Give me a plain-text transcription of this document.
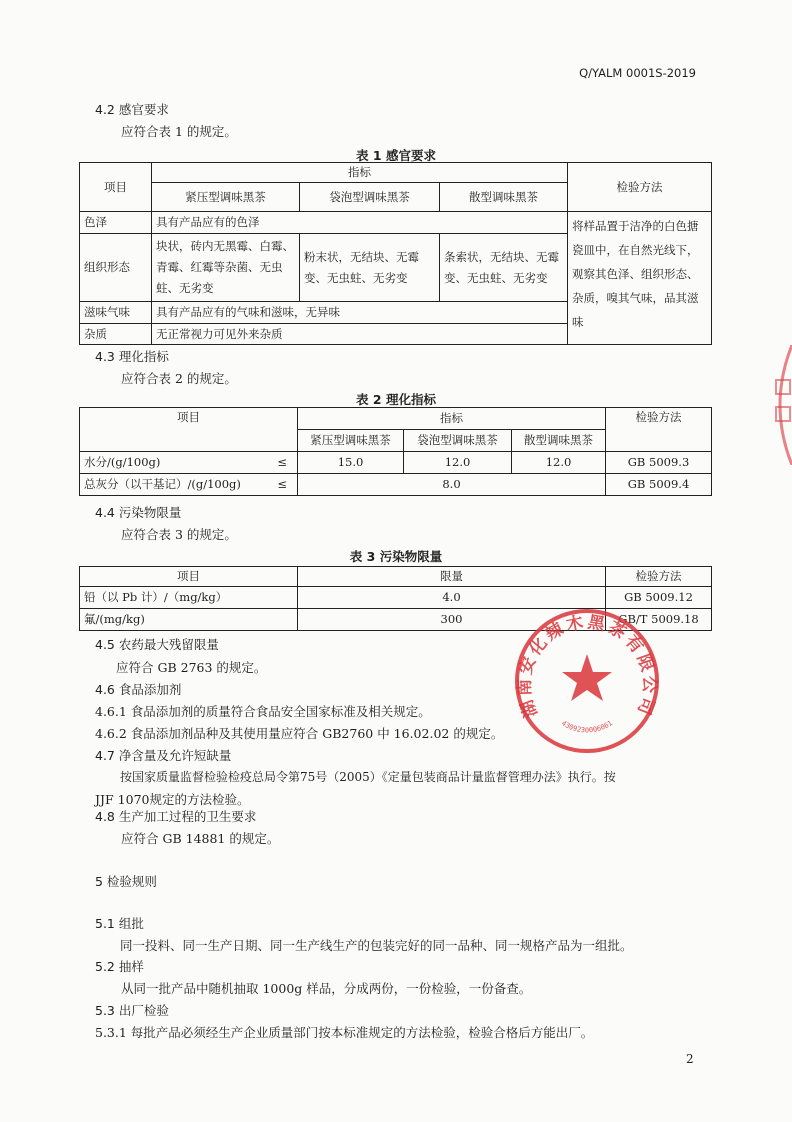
Q/YALM 0001S-2019
4.2 感官要求
应符合表 1 的规定。
表 1 感官要求
项目	指标			检验方法
	紧压型调味黑茶	袋泡型调味黑茶	散型调味黑茶	
色泽	具有产品应有的色泽			将样品置于洁净的白色搪瓷皿中，在自然光线下，观察其色泽、组织形态、杂质，嗅其气味，品其滋味
组织形态	块状，砖内无黑霉、白霉、青霉、红霉等杂菌、无虫蛀、无劣变	粉末状，无结块、无霉变、无虫蛀、无劣变	条索状，无结块、无霉变、无虫蛀、无劣变	
滋味气味	具有产品应有的气味和滋味，无异味			
杂质	无正常视力可见外来杂质			
4.3 理化指标
应符合表 2 的规定。
表 2 理化指标
项目	指标			检验方法
	紧压型调味黑茶	袋泡型调味黑茶	散型调味黑茶	
水分/(g/100g) ≤	15.0	12.0	12.0	GB 5009.3
总灰分（以干基记）/(g/100g) ≤	8.0			GB 5009.4
4.4 污染物限量
应符合表 3 的规定。
表 3 污染物限量
项目	限量	检验方法
铅（以 Pb 计）/（mg/kg）	4.0	GB 5009.12
氟/(mg/kg)	300	GB/T 5009.18
4.5 农药最大残留限量
应符合 GB 2763 的规定。
4.6 食品添加剂
4.6.1 食品添加剂的质量符合食品安全国家标准及相关规定。
4.6.2 食品添加剂品种及其使用量应符合 GB2760 中 16.02.02 的规定。
4.7 净含量及允许短缺量
按国家质量监督检验检疫总局令第75号（2005）《定量包装商品计量监督管理办法》执行。按
JJF 1070规定的方法检验。
4.8 生产加工过程的卫生要求
应符合 GB 14881 的规定。
5 检验规则
5.1 组批
同一投料、同一生产日期、同一生产线生产的包装完好的同一品种、同一规格产品为一组批。
5.2 抽样
从同一批产品中随机抽取 1000g 样品，分成两份，一份检验，一份备查。
5.3 出厂检验
5.3.1 每批产品必须经生产企业质量部门按本标准规定的方法检验，检验合格后方能出厂。
2
湖南安化辣木黑茶有限公司
4309230006061
